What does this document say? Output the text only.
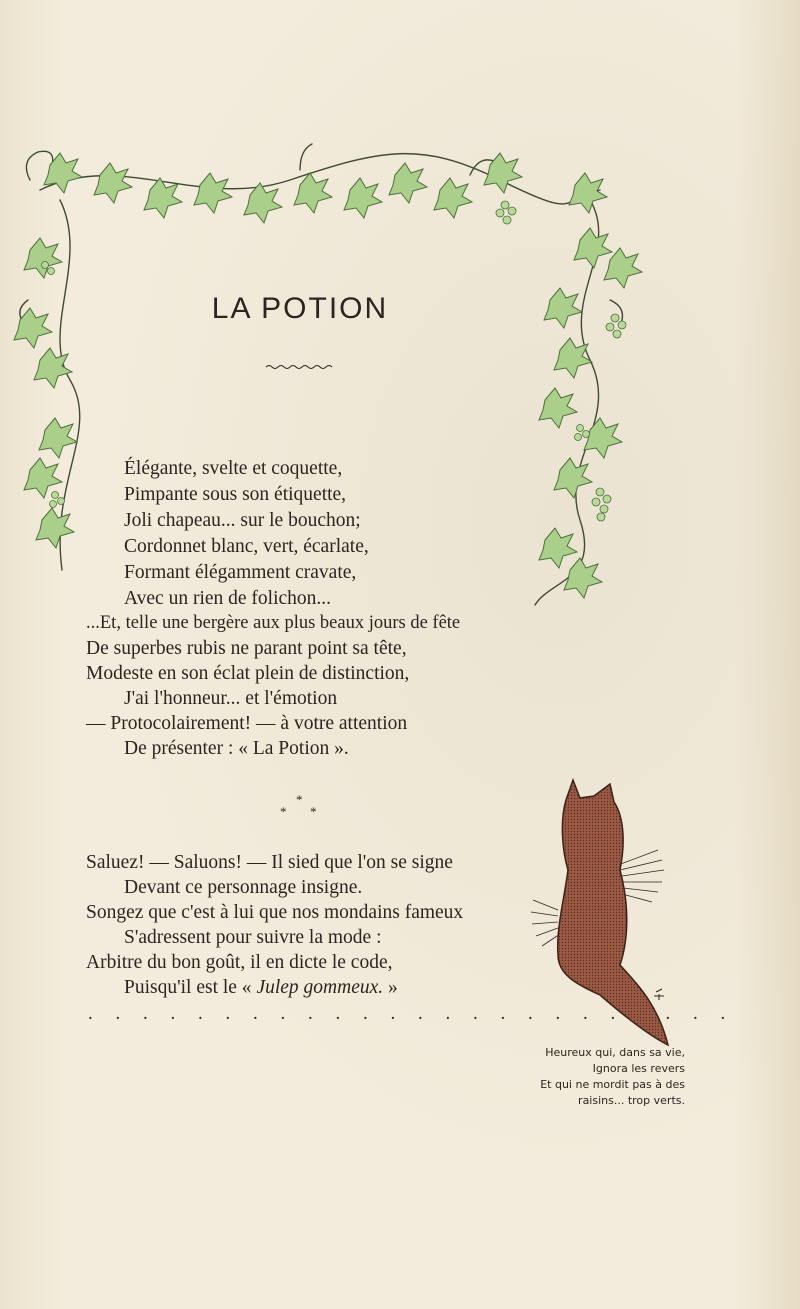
LA POTION
Élégante, svelte et coquette,
Pimpante sous son étiquette,
Joli chapeau... sur le bouchon;
Cordonnet blanc, vert, écarlate,
Formant élégamment cravate,
Avec un rien de folichon...
...Et, telle une bergère aux plus beaux jours de fête
De superbes rubis ne parant point sa tête,
Modeste en son éclat plein de distinction,
J'ai l'honneur... et l'émotion
— Protocolairement! — à votre attention
De présenter : « La Potion ».
*
* *
Saluez! — Saluons! — Il sied que l'on se signe
Devant ce personnage insigne.
Songez que c'est à lui que nos mondains fameux
S'adressent pour suivre la mode :
Arbitre du bon goût, il en dicte le code,
Puisqu'il est le « Julep gommeux. »
. . . . . . . . . . . . . . . . . . . . . . . .
Heureux qui, dans sa vie,
Ignora les revers
Et qui ne mordit pas à des
raisins... trop verts.
